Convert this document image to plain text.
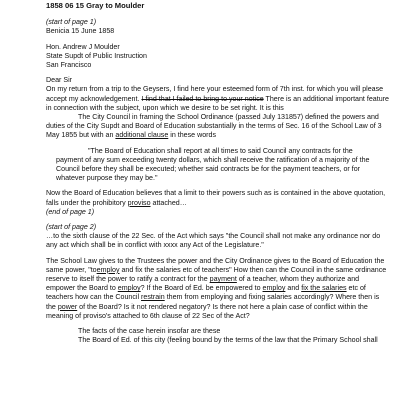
1858 06 15 Gray to Moulder

(start of page 1)

Benicia 15 June 1858

Hon. Andrew J Moulder

State Supdt of Public Instruction

San Francisco

Dear Sir

On my return from a trip to the Geysers, I find here your esteemed form of 7th inst. for which you will please accept my acknowledgement. I find that I failed to bring to your notice There is an additional important feature in connection with the subject, upon which we desire to be set right. It is this

The City Council in framing the School Ordinance (passed July 131857) defined the powers and duties of the City Supdt and Board of Education substantially in the terms of Sec. 16 of the School Law of 3 May 1855 but with an additional clause in these words

"The Board of Education shall report at all times to said Council any contracts for the payment of any sum exceeding twenty dollars, which shall receive the ratification of a majority of the Council before they shall be executed; whether said contracts be for the payment teachers, or for whatever purpose they may be."

Now the Board of Education believes that a limit to their powers such as is contained in the above quotation, falls under the prohibitory proviso attached…

(end of page 1)

(start of page 2)

…to the sixth clause of the 22 Sec. of the Act which says "the Council shall not make any ordinance nor do any act which shall be in conflict with xxxx any Act of the Legislature."

The School Law gives to the Trustees the power and the City Ordinance gives to the Board of Education the same power, "toemploy and fix the salaries etc of teachers" How then can the Council in the same ordinance reserve to itself the power to ratify a contract for the payment of a teacher, whom they authorize and empower the Board to employ? If the Board of Ed. be empowered to employ and fix the salaries etc of teachers how can the Council restrain them from employing and fixing salaries accordingly? Where then is the power of the Board? Is it not rendered negatory? Is there not here a plain case of conflict within the meaning of proviso's attached to 6th clause of 22 Sec of the Act?

The facts of the case herein insofar are these

The Board of Ed. of this city (feeling bound by the terms of the law that the Primary School shall
